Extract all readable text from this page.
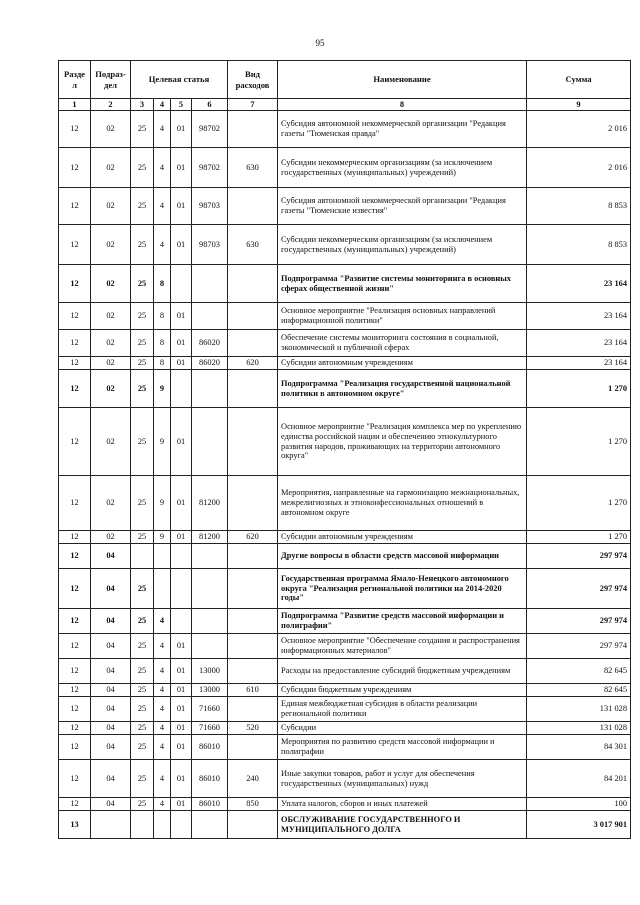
95
Разде л	Подраз- дел	Целевая статья				Вид расходов	Наименование	Сумма
1	2	3	4	5	6	7	8	9
12	02	25	4	01	98702		Субсидия автономной некоммерческой организации "Редакция газеты "Тюменская правда"	2 016
12	02	25	4	01	98702	630	Субсидии некоммерческим организациям (за исключением государственных (муниципальных) учреждений)	2 016
12	02	25	4	01	98703		Субсидия автономной некоммерческой организации "Редакция газеты "Тюменские известия"	8 853
12	02	25	4	01	98703	630	Субсидии некоммерческим организациям (за исключением государственных (муниципальных) учреждений)	8 853
12	02	25	8				Подпрограмма "Развитие системы мониторинга в основных сферах общественной жизни"	23 164
12	02	25	8	01			Основное мероприятие "Реализация основных направлений информационной политики"	23 164
12	02	25	8	01	86020		Обеспечение системы мониторинга состояния в социальной, экономической и публичной сферах	23 164
12	02	25	8	01	86020	620	Субсидии автономным учреждениям	23 164
12	02	25	9				Подпрограмма "Реализация государственной национальной политики в автономном округе"	1 270
12	02	25	9	01			Основное мероприятие "Реализация комплекса мер по укреплению единства российской нации и обеспечению этнокультурного развития народов, проживающих на территории автономного округа"	1 270
12	02	25	9	01	81200		Мероприятия, направленные на гармонизацию межнациональных, межрелигиозных и этноконфессиональных отношений в автономном округе	1 270
12	02	25	9	01	81200	620	Субсидии автономным учреждениям	1 270
12	04						Другие вопросы в области средств массовой информации	297 974
12	04	25					Государственная программа Ямало-Ненецкого автономного округа "Реализация региональной политики на 2014-2020 годы"	297 974
12	04	25	4				Подпрограмма "Развитие средств массовой информации и полиграфии"	297 974
12	04	25	4	01			Основное мероприятие "Обеспечение создания и распространения информационных материалов"	297 974
12	04	25	4	01	13000		Расходы на предоставление субсидий бюджетным учреждениям	82 645
12	04	25	4	01	13000	610	Субсидии бюджетным учреждениям	82 645
12	04	25	4	01	71660		Единая межбюджетная субсидия в области реализации региональной политики	131 028
12	04	25	4	01	71660	520	Субсидии	131 028
12	04	25	4	01	86010		Мероприятия по развитию средств массовой информации и полиграфии	84 301
12	04	25	4	01	86010	240	Иные закупки товаров, работ и услуг для обеспечения государственных (муниципальных) нужд	84 201
12	04	25	4	01	86010	850	Уплата налогов, сборов и иных платежей	100
13							ОБСЛУЖИВАНИЕ ГОСУДАРСТВЕННОГО И МУНИЦИПАЛЬНОГО ДОЛГА	3 017 901
